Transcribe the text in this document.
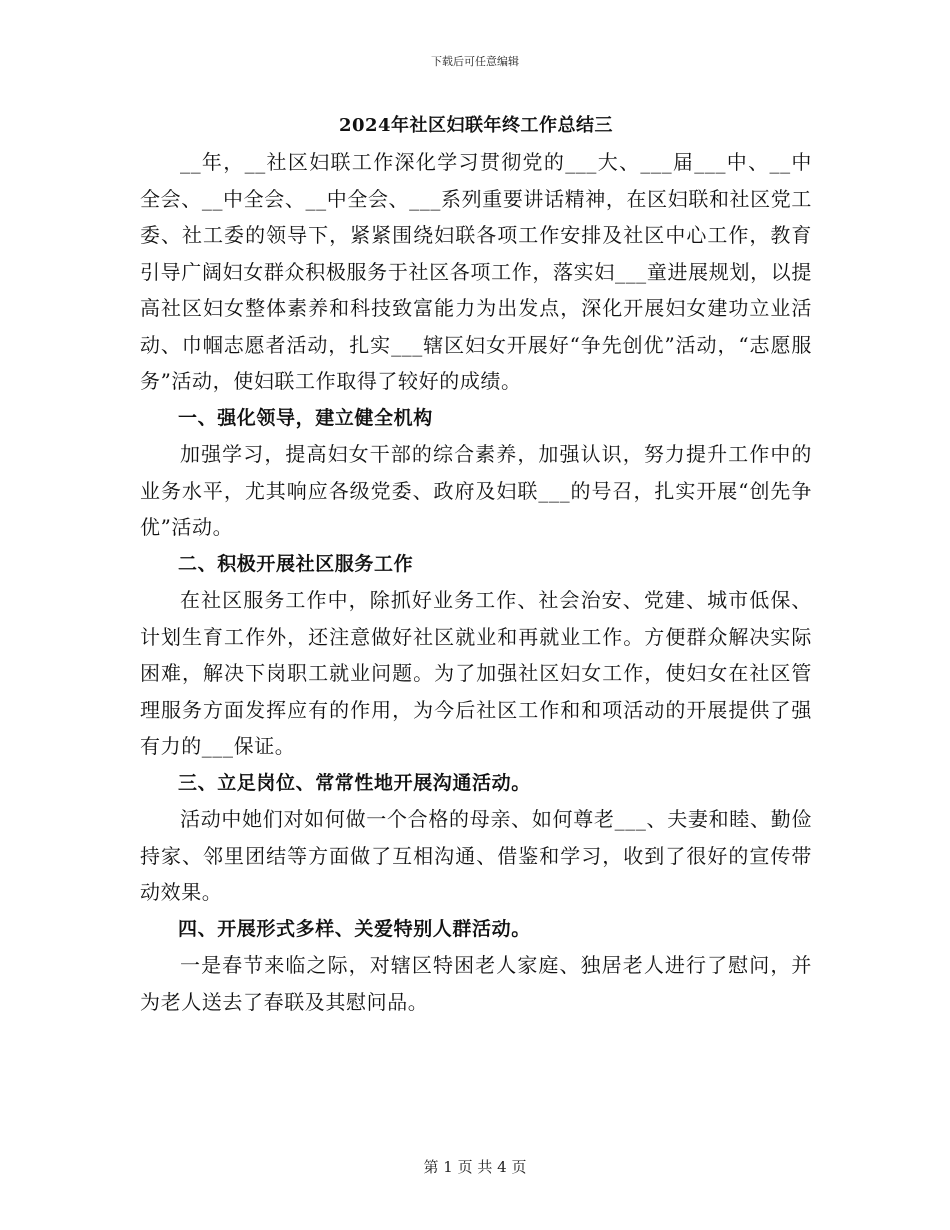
下载后可任意编辑
2024年社区妇联年终工作总结三

__年，__社区妇联工作深化学习贯彻党的___大、___届___中、__中全会、__中全会、__中全会、___系列重要讲话精神，在区妇联和社区党工委、社工委的领导下，紧紧围绕妇联各项工作安排及社区中心工作，教育引导广阔妇女群众积极服务于社区各项工作，落实妇___童进展规划，以提高社区妇女整体素养和科技致富能力为出发点，深化开展妇女建功立业活动、巾帼志愿者活动，扎实___辖区妇女开展好“争先创优”活动，“志愿服务”活动，使妇联工作取得了较好的成绩。

一、强化领导，建立健全机构

加强学习，提高妇女干部的综合素养，加强认识，努力提升工作中的业务水平，尤其响应各级党委、政府及妇联___的号召，扎实开展“创先争优”活动。

二、积极开展社区服务工作

在社区服务工作中，除抓好业务工作、社会治安、党建、城市低保、计划生育工作外，还注意做好社区就业和再就业工作。方便群众解决实际困难，解决下岗职工就业问题。为了加强社区妇女工作，使妇女在社区管理服务方面发挥应有的作用，为今后社区工作和和项活动的开展提供了强有力的___保证。

三、立足岗位、常常性地开展沟通活动。

活动中她们对如何做一个合格的母亲、如何尊老___、夫妻和睦、勤俭持家、邻里团结等方面做了互相沟通、借鉴和学习，收到了很好的宣传带动效果。

四、开展形式多样、关爱特别人群活动。

一是春节来临之际，对辖区特困老人家庭、独居老人进行了慰问，并为老人送去了春联及其慰问品。

第 1 页 共 4 页
